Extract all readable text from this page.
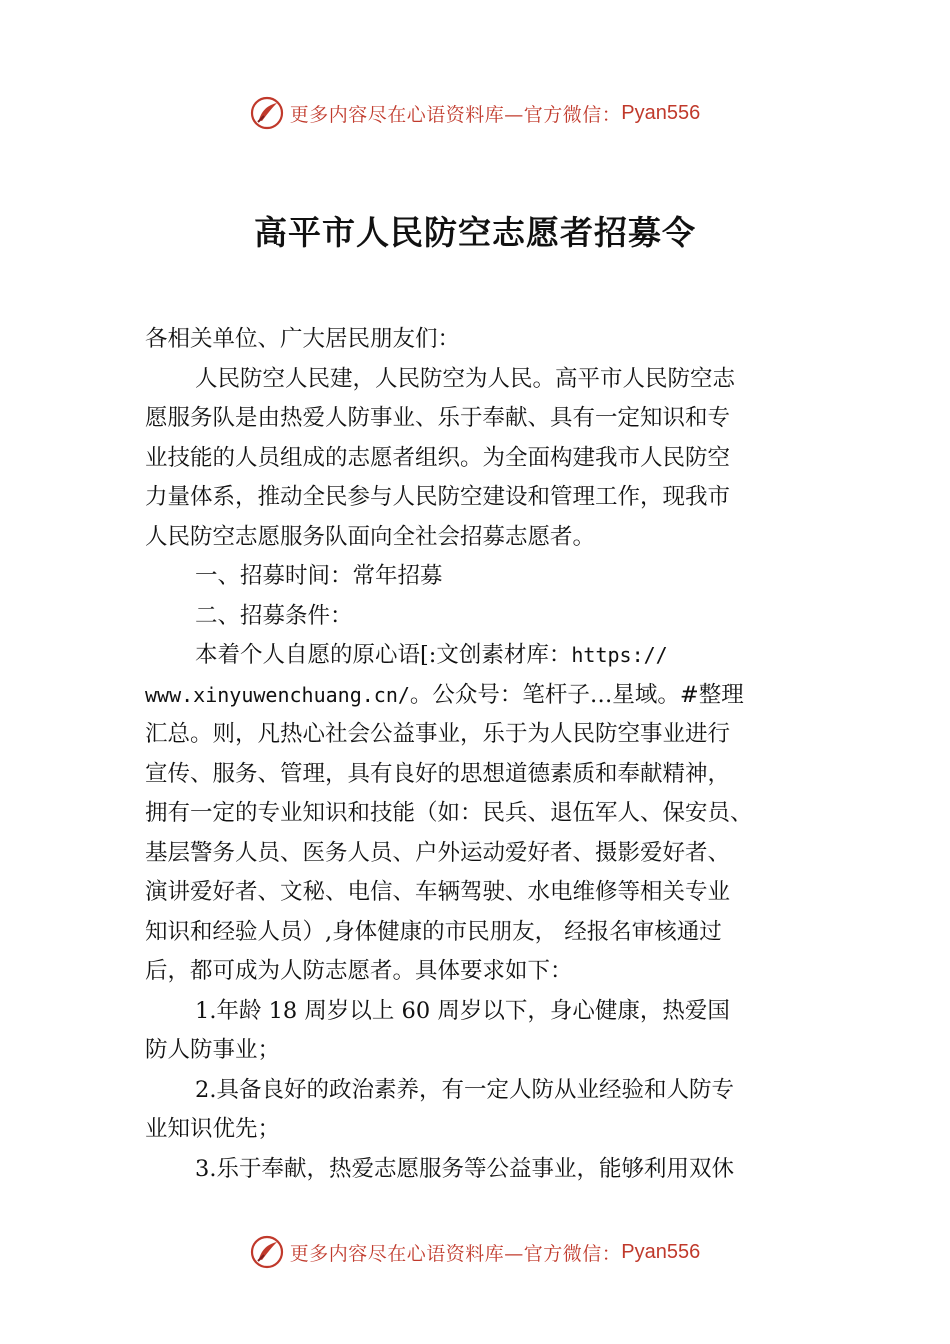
更多内容尽在心语资料库—官方微信： Pyan556
高平市人民防空志愿者招募令

各相关单位、广大居民朋友们：

人民防空人民建，人民防空为人民。高平市人民防空志

愿服务队是由热爱人防事业、乐于奉献、具有一定知识和专

业技能的人员组成的志愿者组织。为全面构建我市人民防空

力量体系，推动全民参与人民防空建设和管理工作，现我市

人民防空志愿服务队面向全社会招募志愿者。

一、招募时间：常年招募

二、招募条件：

本着个人自愿的原心语[:文创素材库：https://

www.xinyuwenchuang.cn/。公众号：笔杆子…星域。#整理

汇总。则，凡热心社会公益事业，乐于为人民防空事业进行

宣传、服务、管理，具有良好的思想道德素质和奉献精神，

拥有一定的专业知识和技能（如：民兵、退伍军人、保安员、

基层警务人员、医务人员、户外运动爱好者、摄影爱好者、

演讲爱好者、文秘、电信、车辆驾驶、水电维修等相关专业

知识和经验人员）,身体健康的市民朋友， 经报名审核通过

后，都可成为人防志愿者。具体要求如下：

1.年龄 18 周岁以上 60 周岁以下，身心健康，热爱国

防人防事业；

2.具备良好的政治素养，有一定人防从业经验和人防专

业知识优先；

3.乐于奉献，热爱志愿服务等公益事业，能够利用双休

更多内容尽在心语资料库—官方微信： Pyan556
